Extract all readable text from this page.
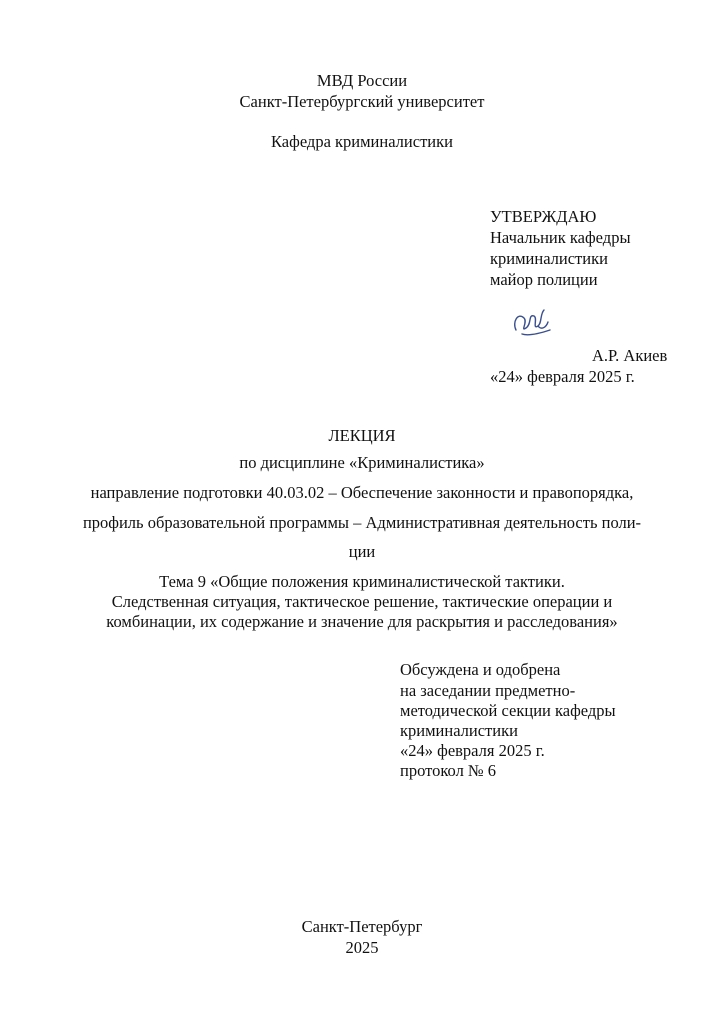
МВД России
Санкт-Петербургский университет
Кафедра криминалистики
УТВЕРЖДАЮ
Начальник кафедры
криминалистики
майор полиции
А.Р. Акиев
«24» февраля 2025 г.
ЛЕКЦИЯ
по дисциплине «Криминалистика»
направление подготовки 40.03.02 – Обеспечение законности и правопорядка,
профиль образовательной программы – Административная деятельность поли-
ции
Тема 9 «Общие положения криминалистической тактики.
Следственная ситуация, тактическое решение, тактические операции и
комбинации, их содержание и значение для раскрытия и расследования»
Обсуждена и одобрена
на заседании предметно-
методической секции кафедры
криминалистики
«24» февраля 2025 г.
протокол № 6
Санкт-Петербург
2025
